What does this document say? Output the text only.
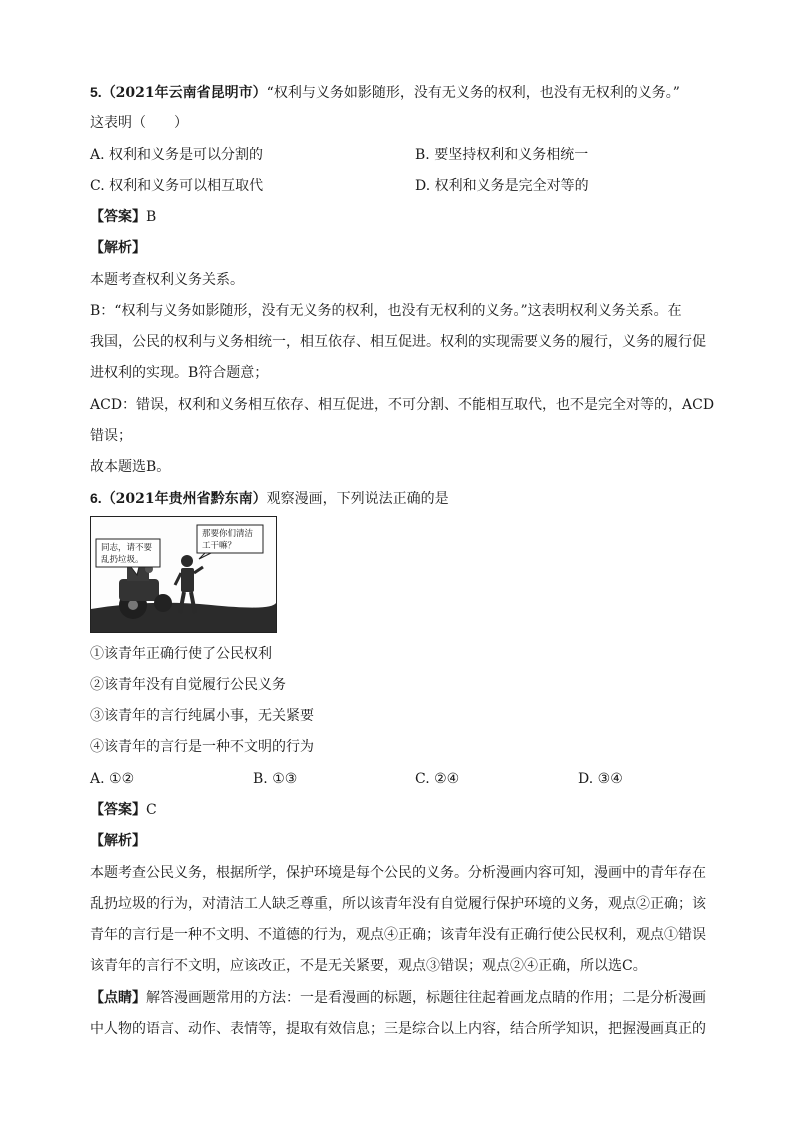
5.（2021年云南省昆明市）“权利与义务如影随形，没有无义务的权利，也没有无权利的义务。”
这表明（　　）
A. 权利和义务是可以分割的	B. 要坚持权利和义务相统一
C. 权利和义务可以相互取代	D. 权利和义务是完全对等的
【答案】B
【解析】
本题考查权利义务关系。
B：“权利与义务如影随形，没有无义务的权利，也没有无权利的义务。”这表明权利义务关系。在
我国，公民的权利与义务相统一，相互依存、相互促进。权利的实现需要义务的履行，义务的履行促
进权利的实现。B符合题意；
ACD：错误，权利和义务相互依存、相互促进，不可分割、不能相互取代，也不是完全对等的，ACD
错误；
故本题选B。
6.（2021年贵州省黔东南）观察漫画，下列说法正确的是
同志，请不要
乱扔垃圾。
那要你们清洁
工干嘛？
①该青年正确行使了公民权利
②该青年没有自觉履行公民义务
③该青年的言行纯属小事，无关紧要
④该青年的言行是一种不文明的行为
A. ①②	B. ①③	C. ②④	D. ③④
【答案】C
【解析】
本题考查公民义务，根据所学，保护环境是每个公民的义务。分析漫画内容可知，漫画中的青年存在
乱扔垃圾的行为，对清洁工人缺乏尊重，所以该青年没有自觉履行保护环境的义务，观点②正确；该
青年的言行是一种不文明、不道德的行为，观点④正确；该青年没有正确行使公民权利，观点①错误
该青年的言行不文明，应该改正，不是无关紧要，观点③错误；观点②④正确，所以选C。
【点睛】解答漫画题常用的方法：一是看漫画的标题，标题往往起着画龙点睛的作用；二是分析漫画
中人物的语言、动作、表情等，提取有效信息；三是综合以上内容，结合所学知识，把握漫画真正的
